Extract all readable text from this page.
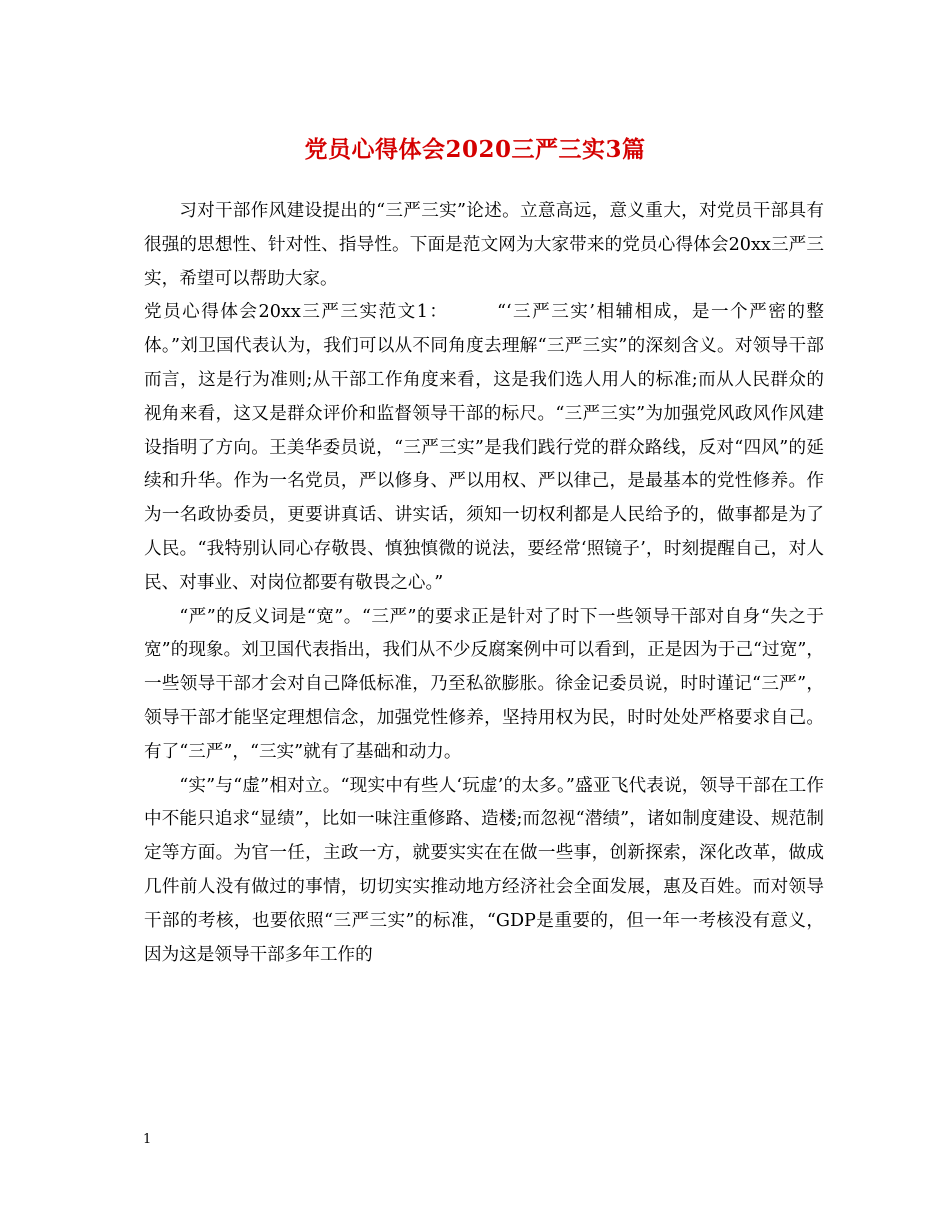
党员心得体会2020三严三实3篇

习对干部作风建设提出的“三严三实”论述。立意高远，意义重大，对党员干部具有很强的思想性、针对性、指导性。下面是范文网为大家带来的党员心得体会20xx三严三实，希望可以帮助大家。

党员心得体会20xx三严三实范文1：　　　“‘三严三实’相辅相成，是一个严密的整体。”刘卫国代表认为，我们可以从不同角度去理解“三严三实”的深刻含义。对领导干部而言，这是行为准则;从干部工作角度来看，这是我们选人用人的标准;而从人民群众的视角来看，这又是群众评价和监督领导干部的标尺。“三严三实”为加强党风政风作风建设指明了方向。王美华委员说，“三严三实”是我们践行党的群众路线，反对“四风”的延续和升华。作为一名党员，严以修身、严以用权、严以律己，是最基本的党性修养。作为一名政协委员，更要讲真话、讲实话，须知一切权利都是人民给予的，做事都是为了人民。“我特别认同心存敬畏、慎独慎微的说法，要经常‘照镜子’，时刻提醒自己，对人民、对事业、对岗位都要有敬畏之心。”

“严”的反义词是“宽”。“三严”的要求正是针对了时下一些领导干部对自身“失之于宽”的现象。刘卫国代表指出，我们从不少反腐案例中可以看到，正是因为于己“过宽”，一些领导干部才会对自己降低标准，乃至私欲膨胀。徐金记委员说，时时谨记“三严”，领导干部才能坚定理想信念，加强党性修养，坚持用权为民，时时处处严格要求自己。有了“三严”，“三实”就有了基础和动力。

“实”与“虚”相对立。“现实中有些人‘玩虚’的太多。”盛亚飞代表说，领导干部在工作中不能只追求“显绩”，比如一味注重修路、造楼;而忽视“潜绩”，诸如制度建设、规范制定等方面。为官一任，主政一方，就要实实在在做一些事，创新探索，深化改革，做成几件前人没有做过的事情，切切实实推动地方经济社会全面发展，惠及百姓。而对领导干部的考核，也要依照“三严三实”的标准，“GDP是重要的，但一年一考核没有意义，因为这是领导干部多年工作的

1
